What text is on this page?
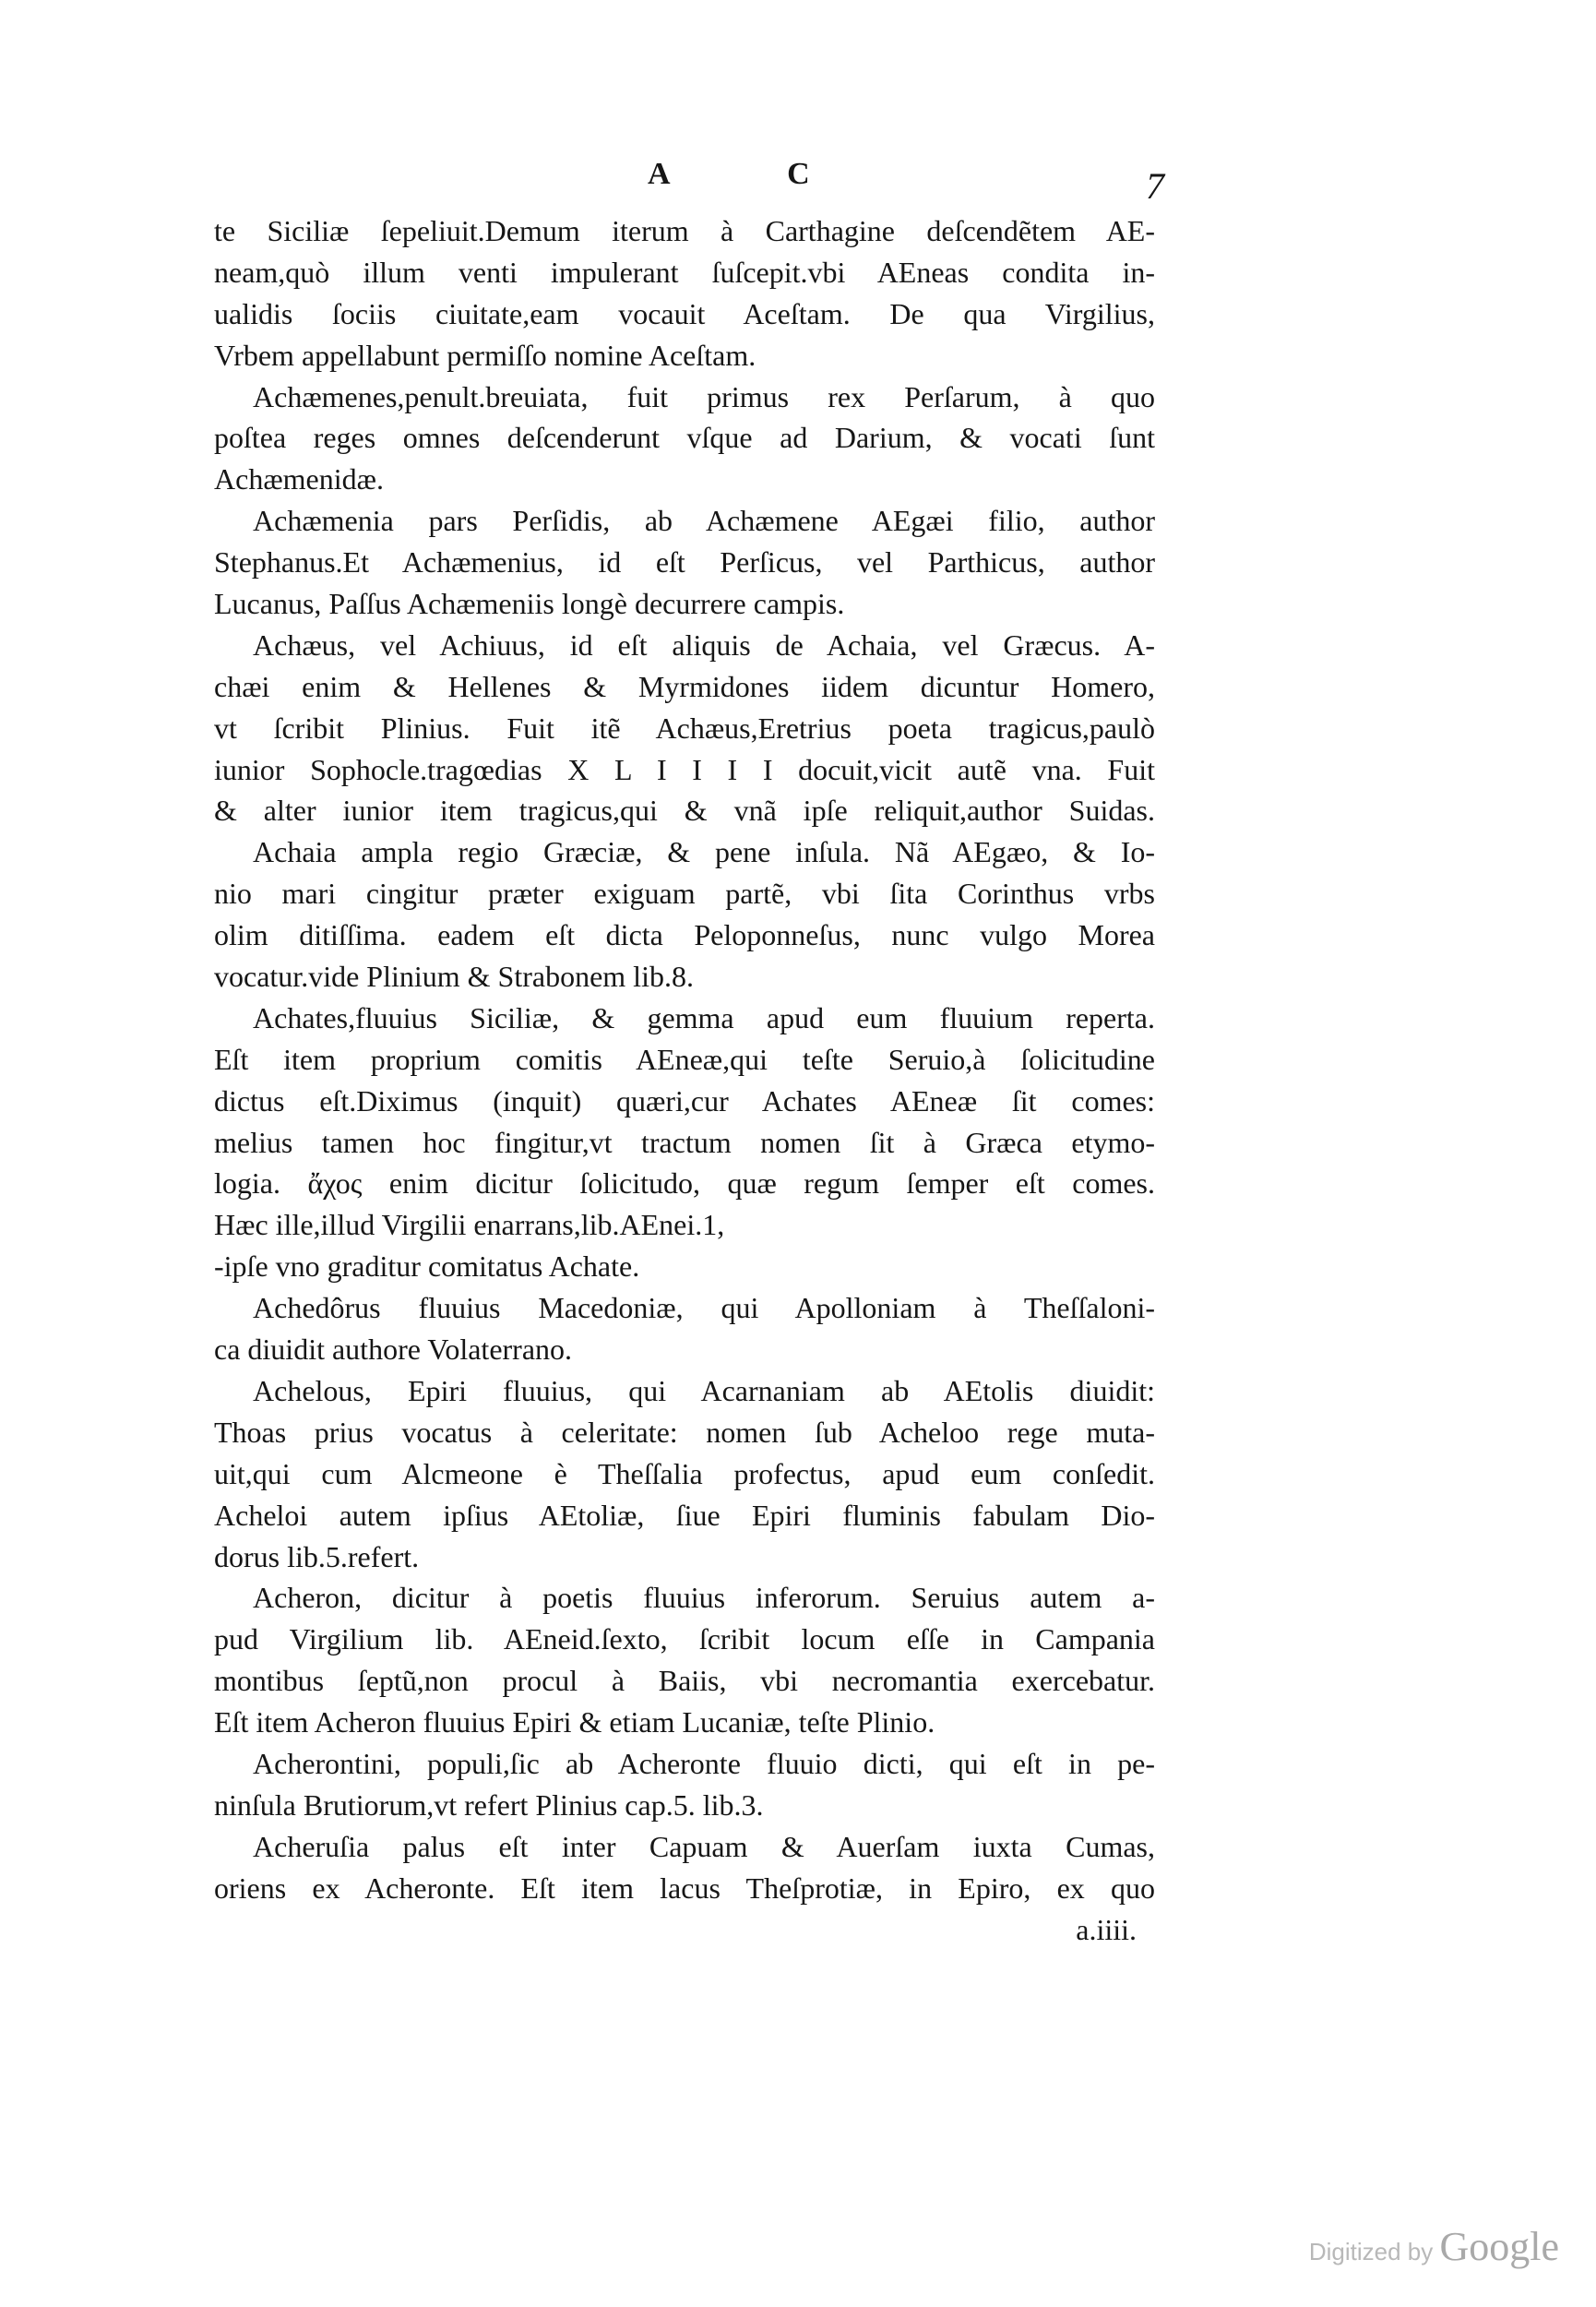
A C	7
te Siciliæ ſepeliuit.Demum iterum à Carthagine deſcendẽtem AE-
neam,quò illum venti impulerant ſuſcepit.vbi AEneas condita in-
ualidis ſociis ciuitate,eam vocauit Aceſtam. De qua Virgilius,
Vrbem appellabunt permiſſo nomine Aceſtam.
Achæmenes,penult.breuiata, fuit primus rex Perſarum, à quo
poſtea reges omnes deſcenderunt vſque ad Darium, & vocati ſunt
Achæmenidæ.
Achæmenia pars Perſidis, ab Achæmene AEgæi filio, author
Stephanus.Et Achæmenius, id eſt Perſicus, vel Parthicus, author
Lucanus, Paſſus Achæmeniis longè decurrere campis.
Achæus, vel Achiuus, id eſt aliquis de Achaia, vel Græcus. A-
chæi enim & Hellenes & Myrmidones iidem dicuntur Homero,
vt ſcribit Plinius. Fuit itẽ Achæus,Eretrius poeta tragicus,paulò
iunior Sophocle.tragœdias X L I I I I docuit,vicit autẽ vna. Fuit
& alter iunior item tragicus,qui & vnã ipſe reliquit,author Suidas.
Achaia ampla regio Græciæ, & pene inſula. Nã AEgæo, & Io-
nio mari cingitur præter exiguam partẽ, vbi ſita Corinthus vrbs
olim ditiſſima. eadem eſt dicta Peloponneſus, nunc vulgo Morea
vocatur.vide Plinium & Strabonem lib.8.
Achates,fluuius Siciliæ, & gemma apud eum fluuium reperta.
Eſt item proprium comitis AEneæ,qui teſte Seruio,à ſolicitudine
dictus eſt.Diximus (inquit) quæri,cur Achates AEneæ ſit comes:
melius tamen hoc fingitur,vt tractum nomen ſit à Græca etymo-
logia. ἄχος enim dicitur ſolicitudo, quæ regum ſemper eſt comes.
Hæc ille,illud Virgilii enarrans,lib.AEnei.1,
-ipſe vno graditur comitatus Achate.
Achedôrus fluuius Macedoniæ, qui Apolloniam à Theſſaloni-
ca diuidit authore Volaterrano.
Achelous, Epiri fluuius, qui Acarnaniam ab AEtolis diuidit:
Thoas prius vocatus à celeritate: nomen ſub Acheloo rege muta-
uit,qui cum Alcmeone è Theſſalia profectus, apud eum conſedit.
Acheloi autem ipſius AEtoliæ, ſiue Epiri fluminis fabulam Dio-
dorus lib.5.refert.
Acheron, dicitur à poetis fluuius inferorum. Seruius autem a-
pud Virgilium lib. AEneid.ſexto, ſcribit locum eſſe in Campania
montibus ſeptũ,non procul à Baiis, vbi necromantia exercebatur.
Eſt item Acheron fluuius Epiri & etiam Lucaniæ, teſte Plinio.
Acherontini, populi,ſic ab Acheronte fluuio dicti, qui eſt in pe-
ninſula Brutiorum,vt refert Plinius cap.5. lib.3.
Acheruſia palus eſt inter Capuam & Auerſam iuxta Cumas,
oriens ex Acheronte. Eſt item lacus Theſprotiæ, in Epiro, ex quo
a.iiii.
Digitized by Google
